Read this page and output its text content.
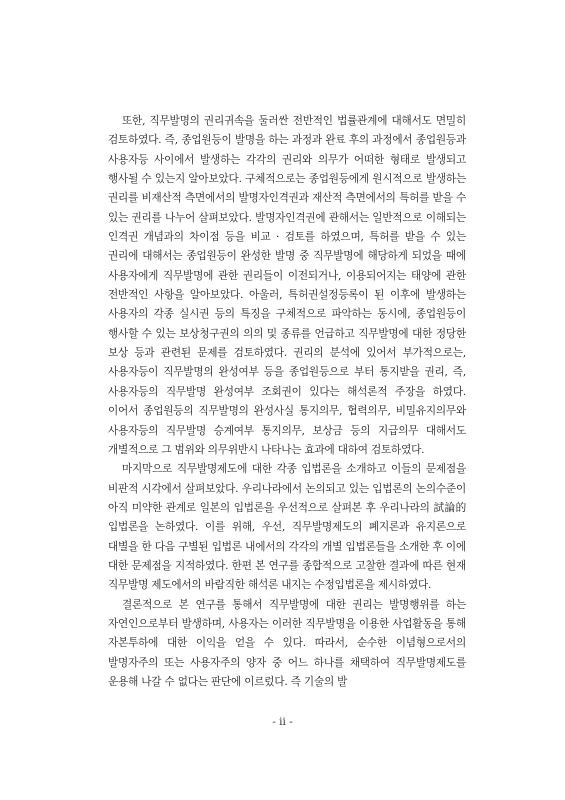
또한, 직무발명의 권리귀속을 둘러싼 전반적인 법률관계에 대해서도 면밀히 검토하였다. 즉, 종업원등이 발명을 하는 과정과 완료 후의 과정에서 종업원등과 사용자등 사이에서 발생하는 각각의 권리와 의무가 어떠한 형태로 발생되고 행사될 수 있는지 알아보았다. 구체적으로는 종업원등에게 원시적으로 발생하는 권리를 비재산적 측면에서의 발명자인격권과 재산적 측면에서의 특허를 받을 수 있는 권리를 나누어 살펴보았다. 발명자인격권에 관해서는 일반적으로 이해되는 인격권 개념과의 차이점 등을 비교 · 검토를 하였으며, 특허를 받을 수 있는 권리에 대해서는 종업원등이 완성한 발명 중 직무발명에 해당하게 되었을 때에 사용자에게 직무발명에 관한 권리들이 이전되거나, 이용되어지는 태양에 관한 전반적인 사항을 알아보았다. 아울러, 특허권설정등록이 된 이후에 발생하는 사용자의 각종 실시권 등의 특징을 구체적으로 파악하는 동시에, 종업원등이 행사할 수 있는 보상청구권의 의의 및 종류를 언급하고 직무발명에 대한 정당한 보상 등과 관련된 문제를 검토하였다. 권리의 분석에 있어서 부가적으로는, 사용자등이 직무발명의 완성여부 등을 종업원등으로 부터 통지받을 권리, 즉, 사용자등의 직무발명 완성여부 조회권이 있다는 해석론적 주장을 하였다. 이어서 종업원등의 직무발명의 완성사실 통지의무, 협력의무, 비밀유지의무와 사용자등의 직무발명 승계여부 통지의무, 보상금 등의 지급의무 대해서도 개별적으로 그 범위와 의무위반시 나타나는 효과에 대하여 검토하였다.

마지막으로 직무발명제도에 대한 각종 입법론을 소개하고 이들의 문제점을 비판적 시각에서 살펴보았다. 우리나라에서 논의되고 있는 입법론의 논의수준이 아직 미약한 관계로 일본의 입법론을 우선적으로 살펴본 후 우리나라의 試論的 입법론을 논하였다. 이를 위해, 우선, 직무발명제도의 폐지론과 유지론으로 대별을 한 다음 구별된 입법론 내에서의 각각의 개별 입법론들을 소개한 후 이에 대한 문제점을 지적하였다. 한편 본 연구를 종합적으로 고찰한 결과에 따른 현재 직무발명 제도에서의 바람직한 해석론 내지는 수정입법론을 제시하였다.

결론적으로 본 연구를 통해서 직무발명에 대한 권리는 발명행위를 하는 자연인으로부터 발생하며, 사용자는 이러한 직무발명을 이용한 사업활동을 통해 자본투하에 대한 이익을 얻을 수 있다. 따라서, 순수한 이념형으로서의 발명자주의 또는 사용자주의 양자 중 어느 하나를 채택하여 직무발명제도를 운용해 나갈 수 없다는 판단에 이르렀다. 즉 기술의 발

- ii -
